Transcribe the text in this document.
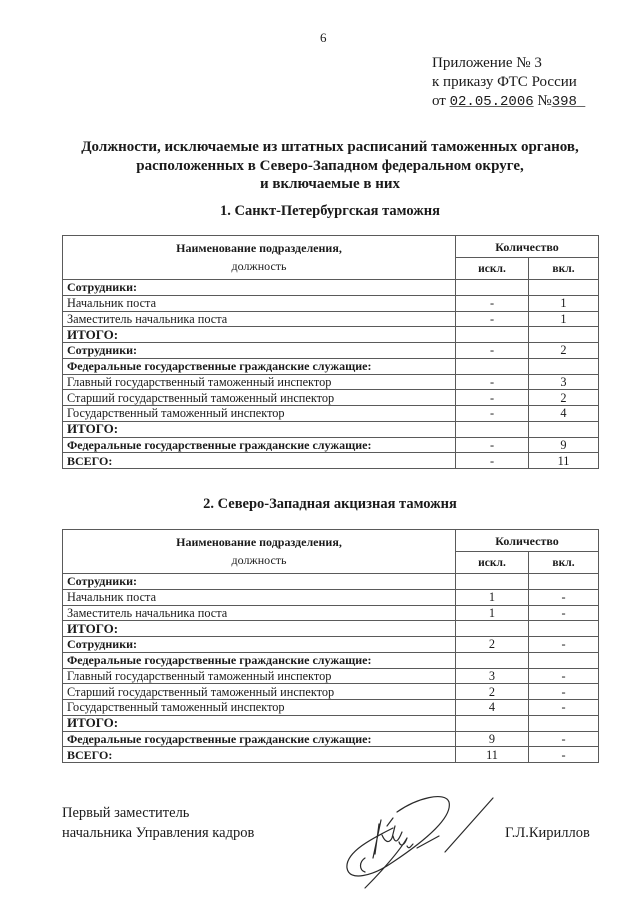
6
Приложение № 3
к приказу ФТС России
от 02.05.2006 №398
Должности, исключаемые из штатных расписаний таможенных органов,
расположенных в Северо-Западном федеральном округе,
и включаемые в них
1. Санкт-Петербургская таможня
Наименование подразделения,
должность	Количество	
	искл.	вкл.
Сотрудники:		
Начальник поста	-	1
Заместитель начальника поста	-	1
ИТОГО:		
Сотрудники:	-	2
Федеральные государственные гражданские служащие:		
Главный государственный таможенный инспектор	-	3
Старший государственный таможенный инспектор	-	2
Государственный таможенный инспектор	-	4
ИТОГО:		
Федеральные государственные гражданские служащие:	-	9
ВСЕГО:	-	11
2. Северо-Западная акцизная таможня
Наименование подразделения,
должность	Количество	
	искл.	вкл.
Сотрудники:		
Начальник поста	1	-
Заместитель начальника поста	1	-
ИТОГО:		
Сотрудники:	2	-
Федеральные государственные гражданские служащие:		
Главный государственный таможенный инспектор	3	-
Старший государственный таможенный инспектор	2	-
Государственный таможенный инспектор	4	-
ИТОГО:		
Федеральные государственные гражданские служащие:	9	-
ВСЕГО:	11	-
Первый заместитель
начальника Управления кадров	Г.Л.Кириллов
